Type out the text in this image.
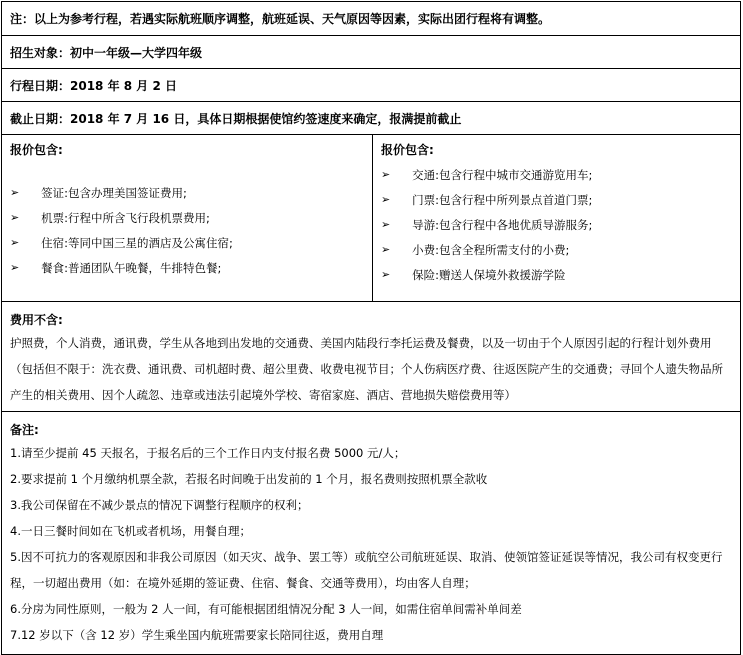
注：以上为参考行程，若遇实际航班顺序调整，航班延误、天气原因等因素，实际出团行程将有调整。
招生对象：初中一年级—大学四年级
行程日期：2018 年 8 月 2 日
截止日期：2018 年 7 月 16 日，具体日期根据使馆约签速度来确定，报满提前截止
报价包含:
➢	签证: 包含办理美国签证费用;
➢	机票: 行程中所含飞行段机票费用;
➢	住宿: 等同中国三星的酒店及公寓住宿;
➢	餐食: 普通团队午晚餐，牛排特色餐;
报价包含:
➢	交通: 包含行程中城市交通游览用车;
➢	门票: 包含行程中所列景点首道门票;
➢	导游: 包含行程中各地优质导游服务;
➢	小费: 包含全程所需支付的小费;
➢	保险: 赠送人保境外救援游学险
费用不含:
护照费，个人消费，通讯费，学生从各地到出发地的交通费、美国内陆段行李托运费及餐费，以及一切由于个人原因引起的行程计划外费用（包括但不限于：洗衣费、通讯费、司机超时费、超公里费、收费电视节目；个人伤病医疗费、往返医院产生的交通费；寻回个人遗失物品所产生的相关费用、因个人疏忽、违章或违法引起境外学校、寄宿家庭、酒店、营地损失赔偿费用等）
备注:

1.请至少提前 45 天报名，于报名后的三个工作日内支付报名费 5000 元/人；

2.要求提前 1 个月缴纳机票全款，若报名时间晚于出发前的 1 个月，报名费则按照机票全款收

3.我公司保留在不减少景点的情况下调整行程顺序的权利；

4.一日三餐时间如在飞机或者机场，用餐自理；

5.因不可抗力的客观原因和非我公司原因（如天灾、战争、罢工等）或航空公司航班延误、取消、使领馆签证延误等情况，我公司有权变更行程，一切超出费用（如：在境外延期的签证费、住宿、餐食、交通等费用），均由客人自理；

6.分房为同性原则，一般为 2 人一间，有可能根据团组情况分配 3 人一间，如需住宿单间需补单间差

7.12 岁以下（含 12 岁）学生乘坐国内航班需要家长陪同往返，费用自理
